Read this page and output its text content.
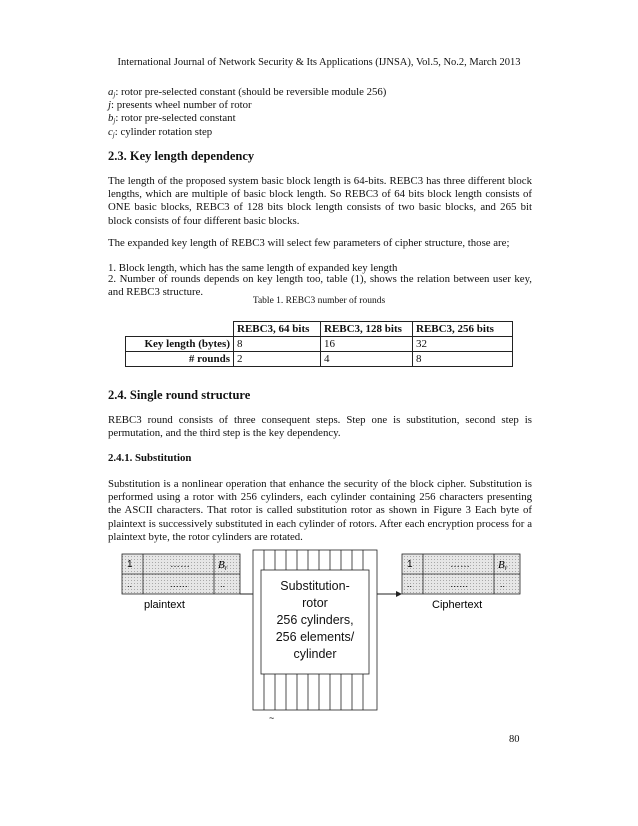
International Journal of Network Security & Its Applications (IJNSA), Vol.5, No.2, March 2013
$a_j$: rotor pre-selected constant (should be reversible module 256)
j: presents wheel number of rotor
$b_j$: rotor pre-selected constant
$c_j$: cylinder rotation step
2.3. Key length dependency
The length of the proposed system basic block length is 64-bits. REBC3 has three different block lengths, which are multiple of basic block length. So REBC3 of 64 bits block length consists of ONE basic blocks, REBC3 of 128 bits block length consists of two basic blocks, and 265 bit block consists of four different basic blocks.
The expanded key length of REBC3 will select few parameters of cipher structure, those are;
1. Block length, which has the same length of expanded key length
2. Number of rounds depends on key length too, table (1), shows the relation between user key, and REBC3 structure.
Table 1. REBC3 number of rounds
	REBC3, 64 bits	REBC3, 128 bits	REBC3, 256 bits
Key length (bytes)	8	16	32
# rounds	2	4	8
2.4. Single round structure
REBC3 round consists of three consequent steps. Step one is substitution, second step is permutation, and the third step is the key dependency.
2.4.1. Substitution
Substitution is a nonlinear operation that enhance the security of the block cipher. Substitution is performed using a rotor with 256 cylinders, each cylinder containing 256 characters presenting the ASCII characters. That rotor is called substitution rotor as shown in Figure 3 Each byte of plaintext is successively substituted in each cylinder of rotors. After each encryption process for a plaintext byte, the rotor cylinders are rotated.
1	……	Br
..	……	..
plaintext
Substitution-
rotor
256 cylinders,
256 elements/
cylinder
1	……	Br
..	……	..
Ciphertext
~
80
